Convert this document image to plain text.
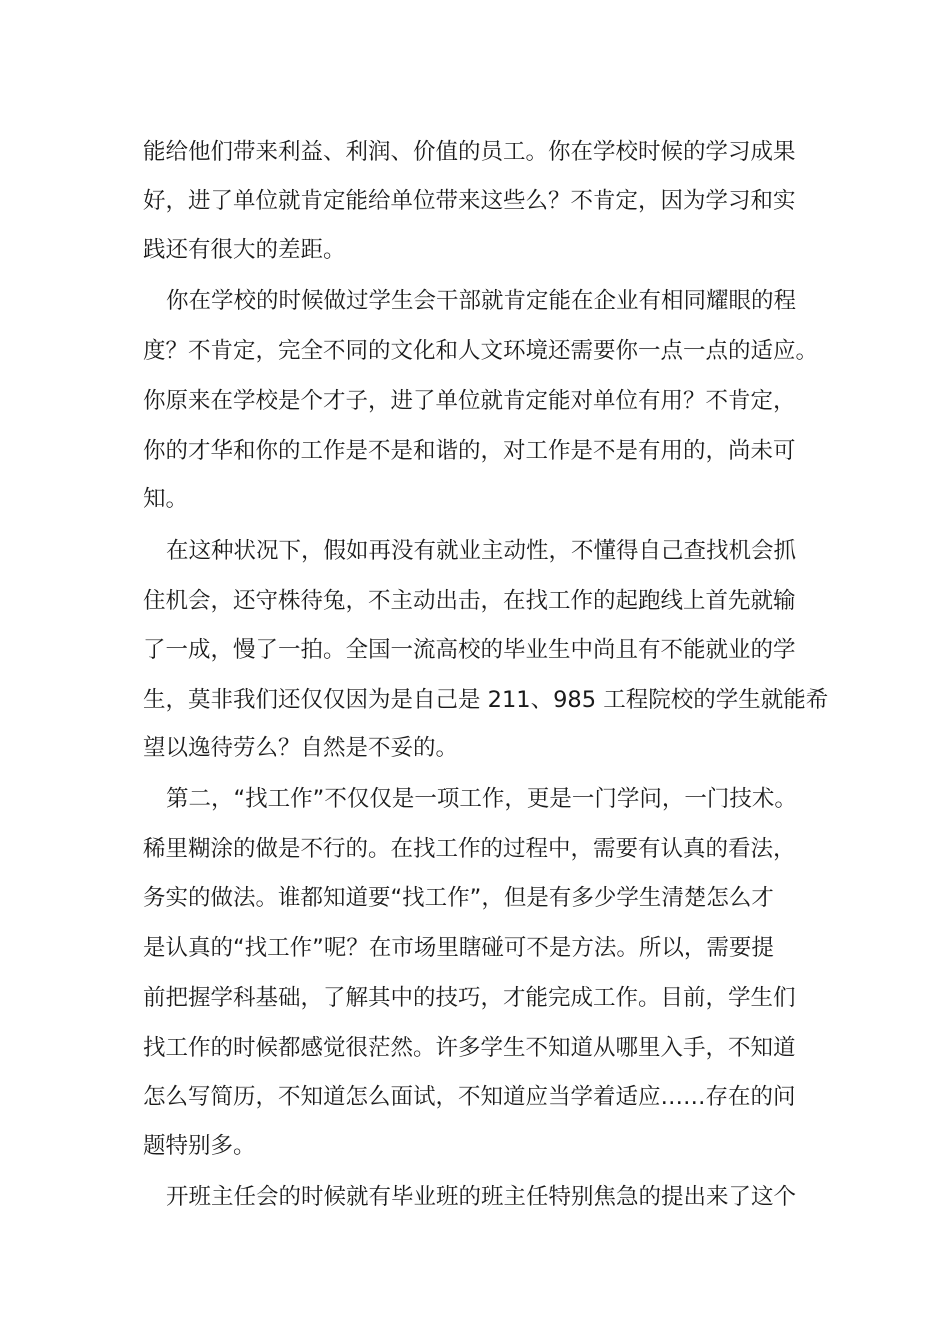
能给他们带来利益、利润、价值的员工。你在学校时候的学习成果

好，进了单位就肯定能给单位带来这些么？不肯定，因为学习和实

践还有很大的差距。

你在学校的时候做过学生会干部就肯定能在企业有相同耀眼的程

度？不肯定，完全不同的文化和人文环境还需要你一点一点的适应。

你原来在学校是个才子，进了单位就肯定能对单位有用？不肯定，

你的才华和你的工作是不是和谐的，对工作是不是有用的，尚未可

知。

在这种状况下，假如再没有就业主动性，不懂得自己查找机会抓

住机会，还守株待兔，不主动出击，在找工作的起跑线上首先就输

了一成，慢了一拍。全国一流高校的毕业生中尚且有不能就业的学

生，莫非我们还仅仅因为是自己是 211、985 工程院校的学生就能希

望以逸待劳么？自然是不妥的。

第二，“找工作”不仅仅是一项工作，更是一门学问，一门技术。

稀里糊涂的做是不行的。在找工作的过程中，需要有认真的看法，

务实的做法。谁都知道要“找工作”，但是有多少学生清楚怎么才

是认真的“找工作”呢？在市场里瞎碰可不是方法。所以，需要提

前把握学科基础，了解其中的技巧，才能完成工作。目前，学生们

找工作的时候都感觉很茫然。许多学生不知道从哪里入手，不知道

怎么写简历，不知道怎么面试，不知道应当学着适应……存在的问

题特别多。

开班主任会的时候就有毕业班的班主任特别焦急的提出来了这个
